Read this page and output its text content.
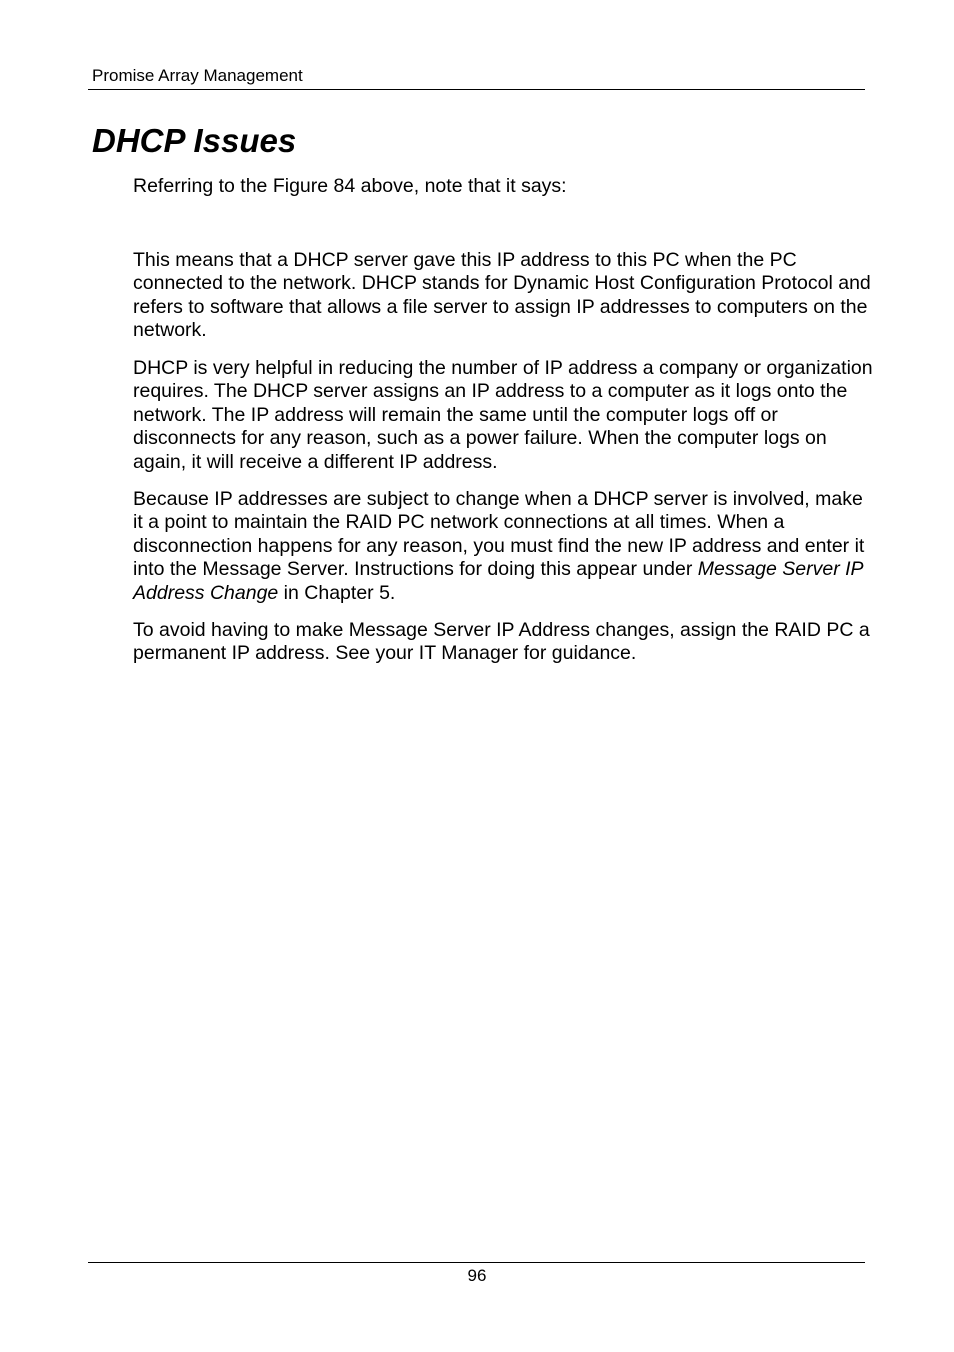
Promise Array Management
DHCP Issues

Referring to the Figure 84 above, note that it says:

This means that a DHCP server gave this IP address to this PC when the PC connected to the network. DHCP stands for Dynamic Host Configuration Protocol and refers to software that allows a file server to assign IP addresses to computers on the network.

DHCP is very helpful in reducing the number of IP address a company or organization requires. The DHCP server assigns an IP address to a computer as it logs onto the network. The IP address will remain the same until the computer logs off or disconnects for any reason, such as a power failure. When the computer logs on again, it will receive a different IP address.

Because IP addresses are subject to change when a DHCP server is involved, make it a point to maintain the RAID PC network connections at all times. When a disconnection happens for any reason, you must find the new IP address and enter it into the Message Server. Instructions for doing this appear under Message Server IP Address Change in Chapter 5.

To avoid having to make Message Server IP Address changes, assign the RAID PC a permanent IP address. See your IT Manager for guidance.

96
